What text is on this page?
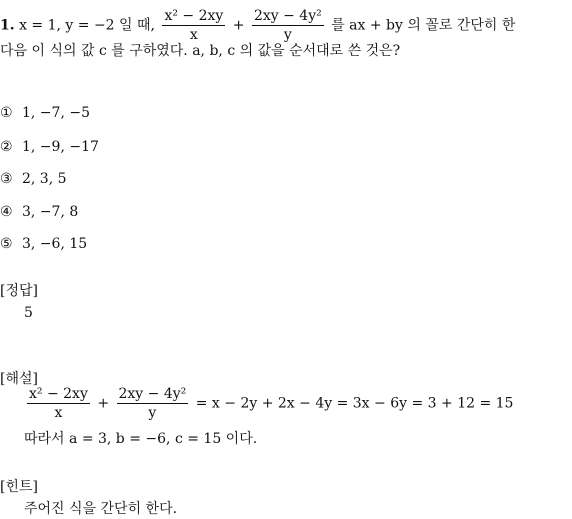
1. x = 1, y = −2 일 때, $\frac{\text{x² − 2xy}}{x} + \frac{\text{2xy − 4y²}}{y}$ 를 ax + by 의 꼴로 간단히 한
다음 이 식의 값 c 를 구하였다. a, b, c 의 값을 순서대로 쓴 것은?
① 1, −7, −5
② 1, −9, −17
③ 2, 3, 5
④ 3, −7, 8
⑤ 3, −6, 15
[정답]
5
[해설]
$\frac{\text{x² − 2xy}}{x} + \frac{\text{2xy − 4y²}}{y} = x - 2y + 2x - 4y = 3x - 6y = 3 + 12 = 15$
따라서 a = 3, b = −6, c = 15 이다.
[힌트]
주어진 식을 간단히 한다.
